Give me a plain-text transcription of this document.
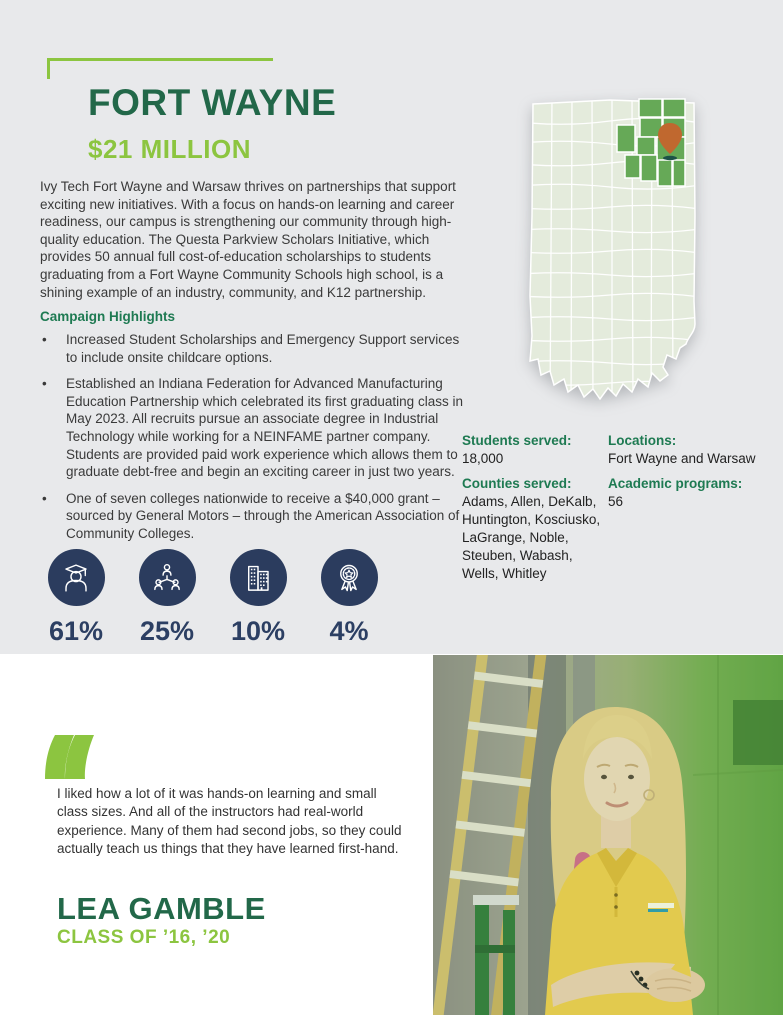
FORT WAYNE
$21 MILLION

Ivy Tech Fort Wayne and Warsaw thrives on partnerships that support exciting new initiatives. With a focus on hands-on learning and career readiness, our campus is strengthening our community through high-quality education. The Questa Parkview Scholars Initiative, which provides 50 annual full cost-of-education scholarships to students graduating from a Fort Wayne Community Schools high school, is a shining example of an industry, community, and K12 partnership.

Campaign Highlights
• Increased Student Scholarships and Emergency Support services to include onsite childcare options.
• Established an Indiana Federation for Advanced Manufacturing Education Partnership which celebrated its first graduating class in May 2023. All recruits pursue an associate degree in Industrial Technology while working for a NEINFAME partner company. Students are provided paid work experience which allows them to graduate debt-free and begin an exciting career in just two years.
• One of seven colleges nationwide to receive a $40,000 grant – sourced by General Motors – through the American Association of Community Colleges.
61% 25% 10% 4%
Students served:
18,000
Counties served:
Adams, Allen, DeKalb, Huntington, Kosciusko, LaGrange, Noble, Steuben, Wabash, Wells, Whitley
Locations:
Fort Wayne and Warsaw
Academic programs:
56

I liked how a lot of it was hands-on learning and small class sizes. And all of the instructors had real-world experience. Many of them had second jobs, so they could actually teach us things that they have learned first-hand.

LEA GAMBLE
CLASS OF ’16, ’20
